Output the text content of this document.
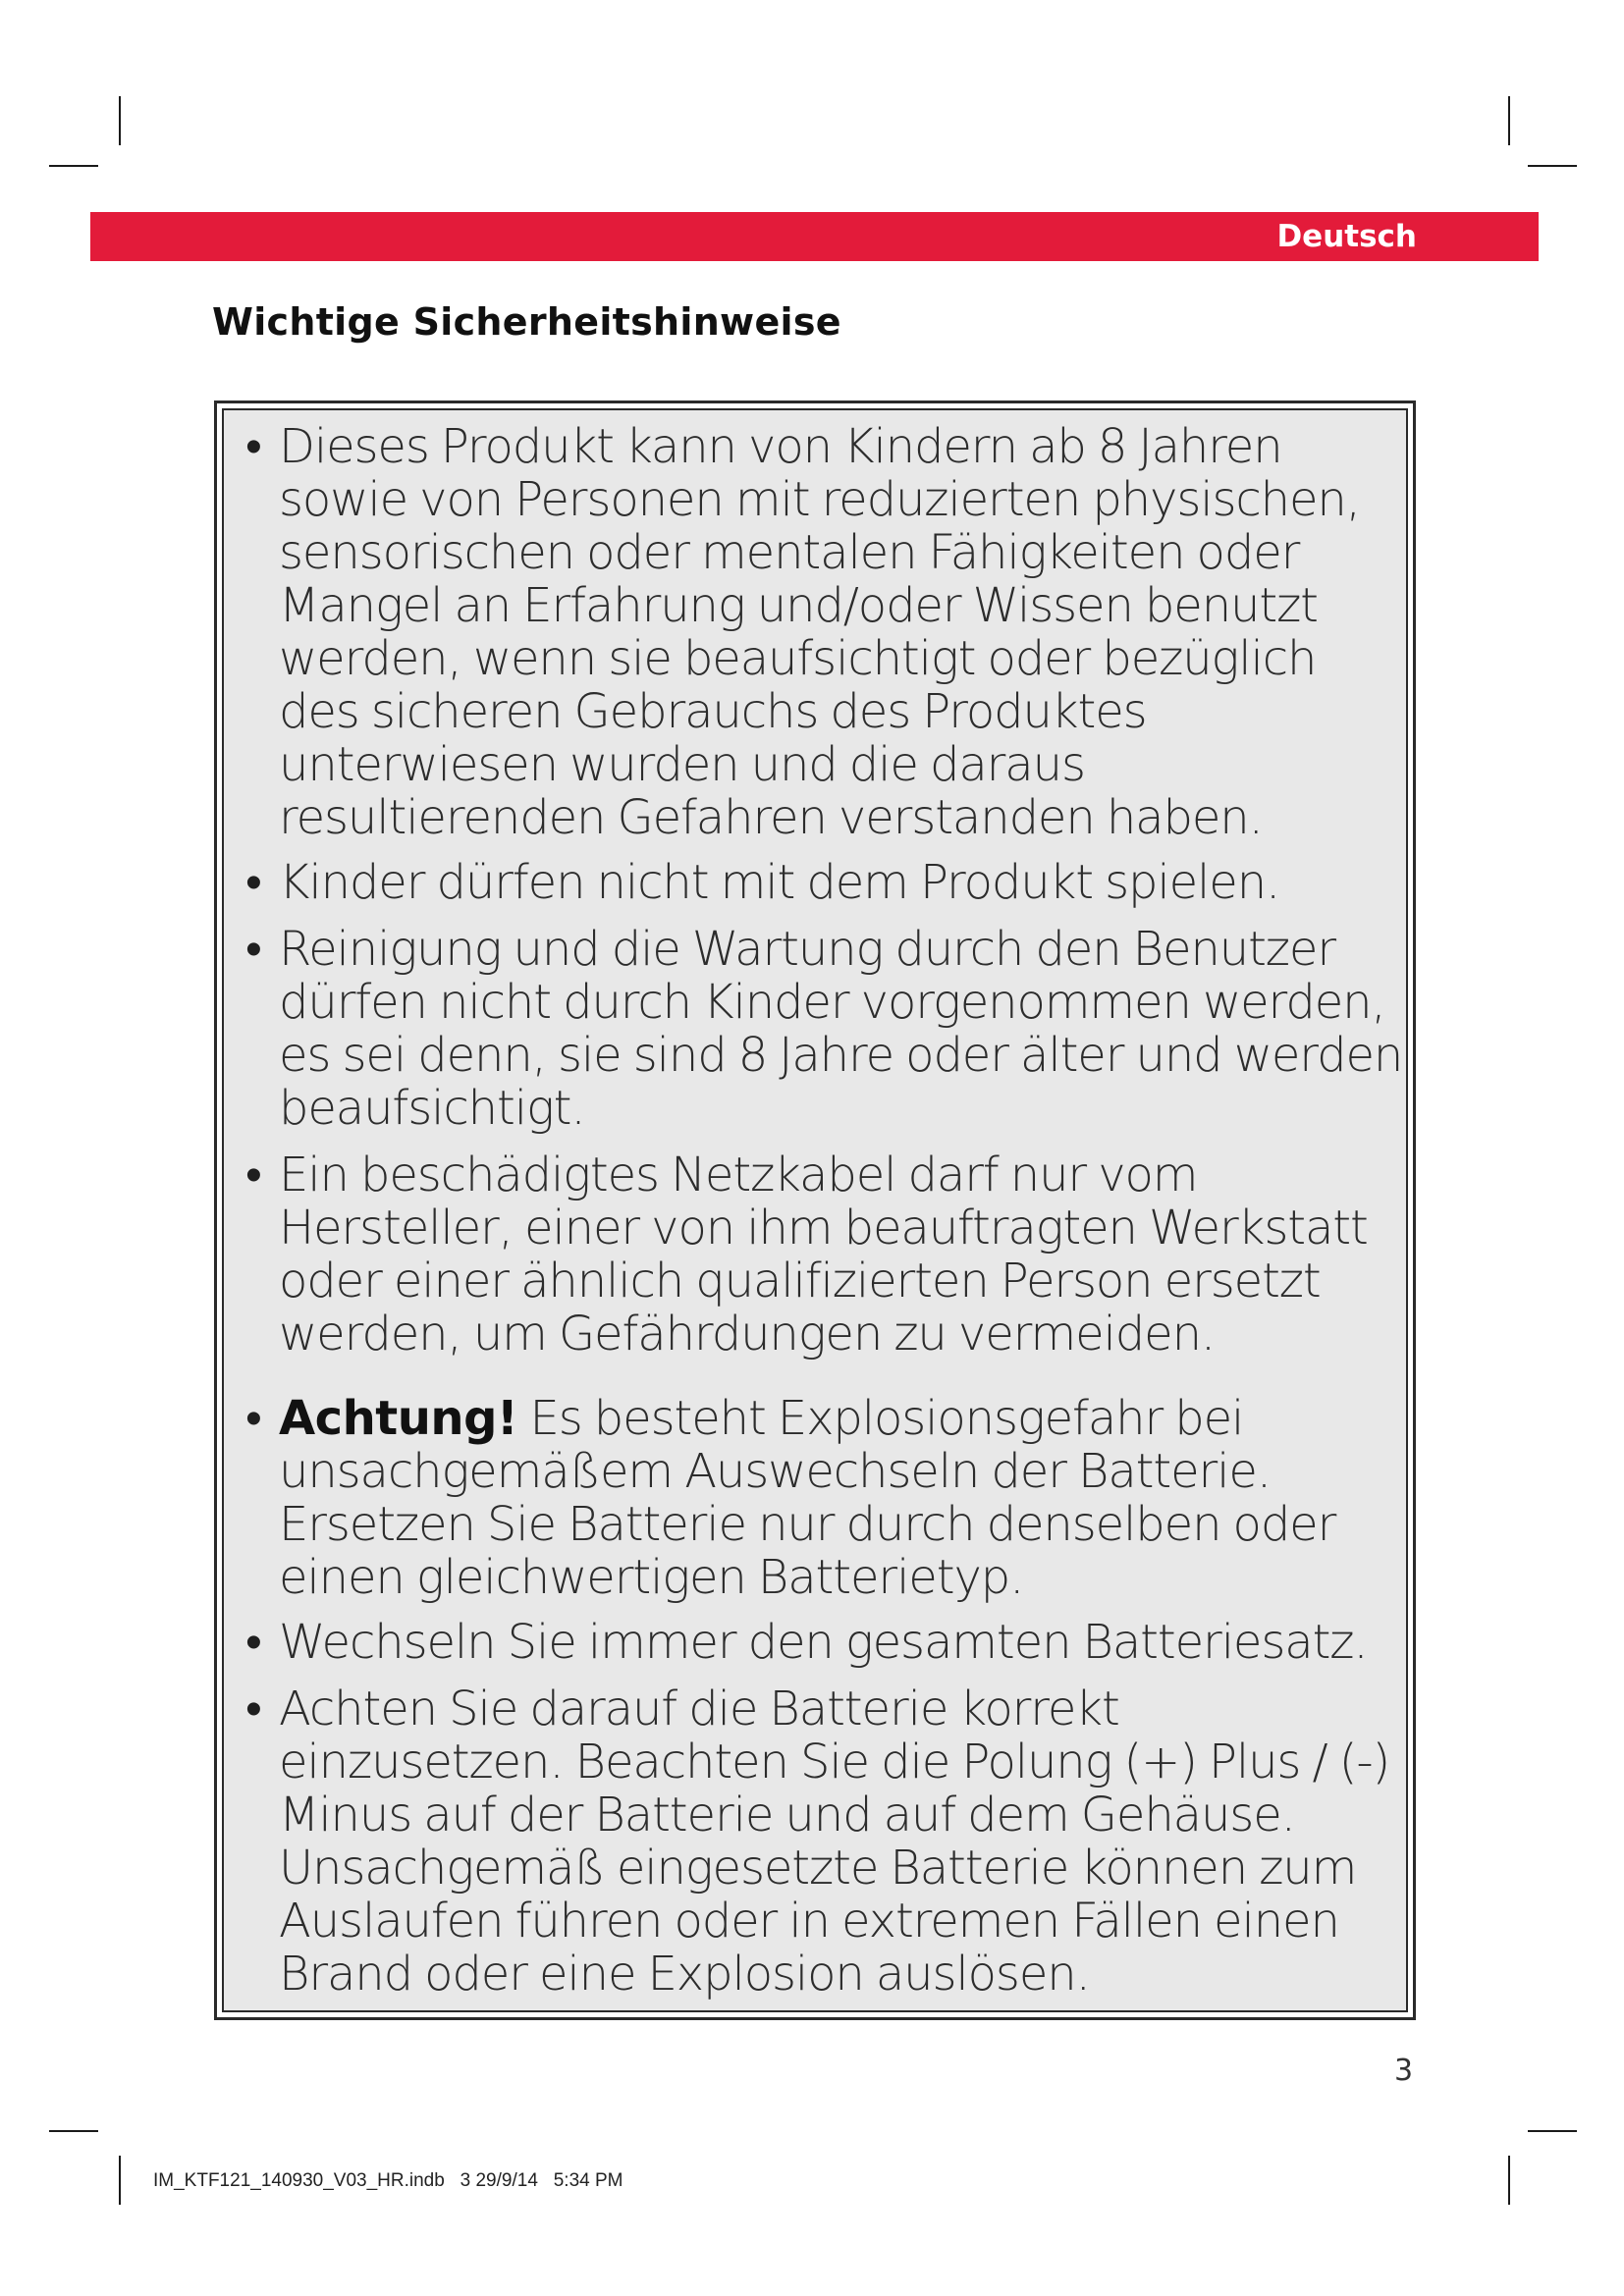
Deutsch
Wichtige Sicherheitshinweise
• Dieses Produkt kann von Kindern ab 8 Jahren sowie von Personen mit reduzierten physischen, sensorischen oder mentalen Fähigkeiten oder Mangel an Erfahrung und/oder Wissen benutzt werden, wenn sie beaufsichtigt oder bezüglich des sicheren Gebrauchs des Produktes unterwiesen wurden und die daraus resultierenden Gefahren verstanden haben.
• Kinder dürfen nicht mit dem Produkt spielen.
• Reinigung und die Wartung durch den Benutzer dürfen nicht durch Kinder vorgenommen werden, es sei denn, sie sind 8 Jahre oder älter und werden beaufsichtigt.
• Ein beschädigtes Netzkabel darf nur vom Hersteller, einer von ihm beauftragten Werkstatt oder einer ähnlich qualifizierten Person ersetzt werden, um Gefährdungen zu vermeiden.
• Achtung! Es besteht Explosionsgefahr bei unsachgemäßem Auswechseln der Batterie. Ersetzen Sie Batterie nur durch denselben oder einen gleichwertigen Batterietyp.
• Wechseln Sie immer den gesamten Batteriesatz.
• Achten Sie darauf die Batterie korrekt einzusetzen. Beachten Sie die Polung (+) Plus / (-) Minus auf der Batterie und auf dem Gehäuse. Unsachgemäß eingesetzte Batterie können zum Auslaufen führen oder in extremen Fällen einen Brand oder eine Explosion auslösen.
3
IM_KTF121_140930_V03_HR.indb   3 29/9/14   5:34 PM
